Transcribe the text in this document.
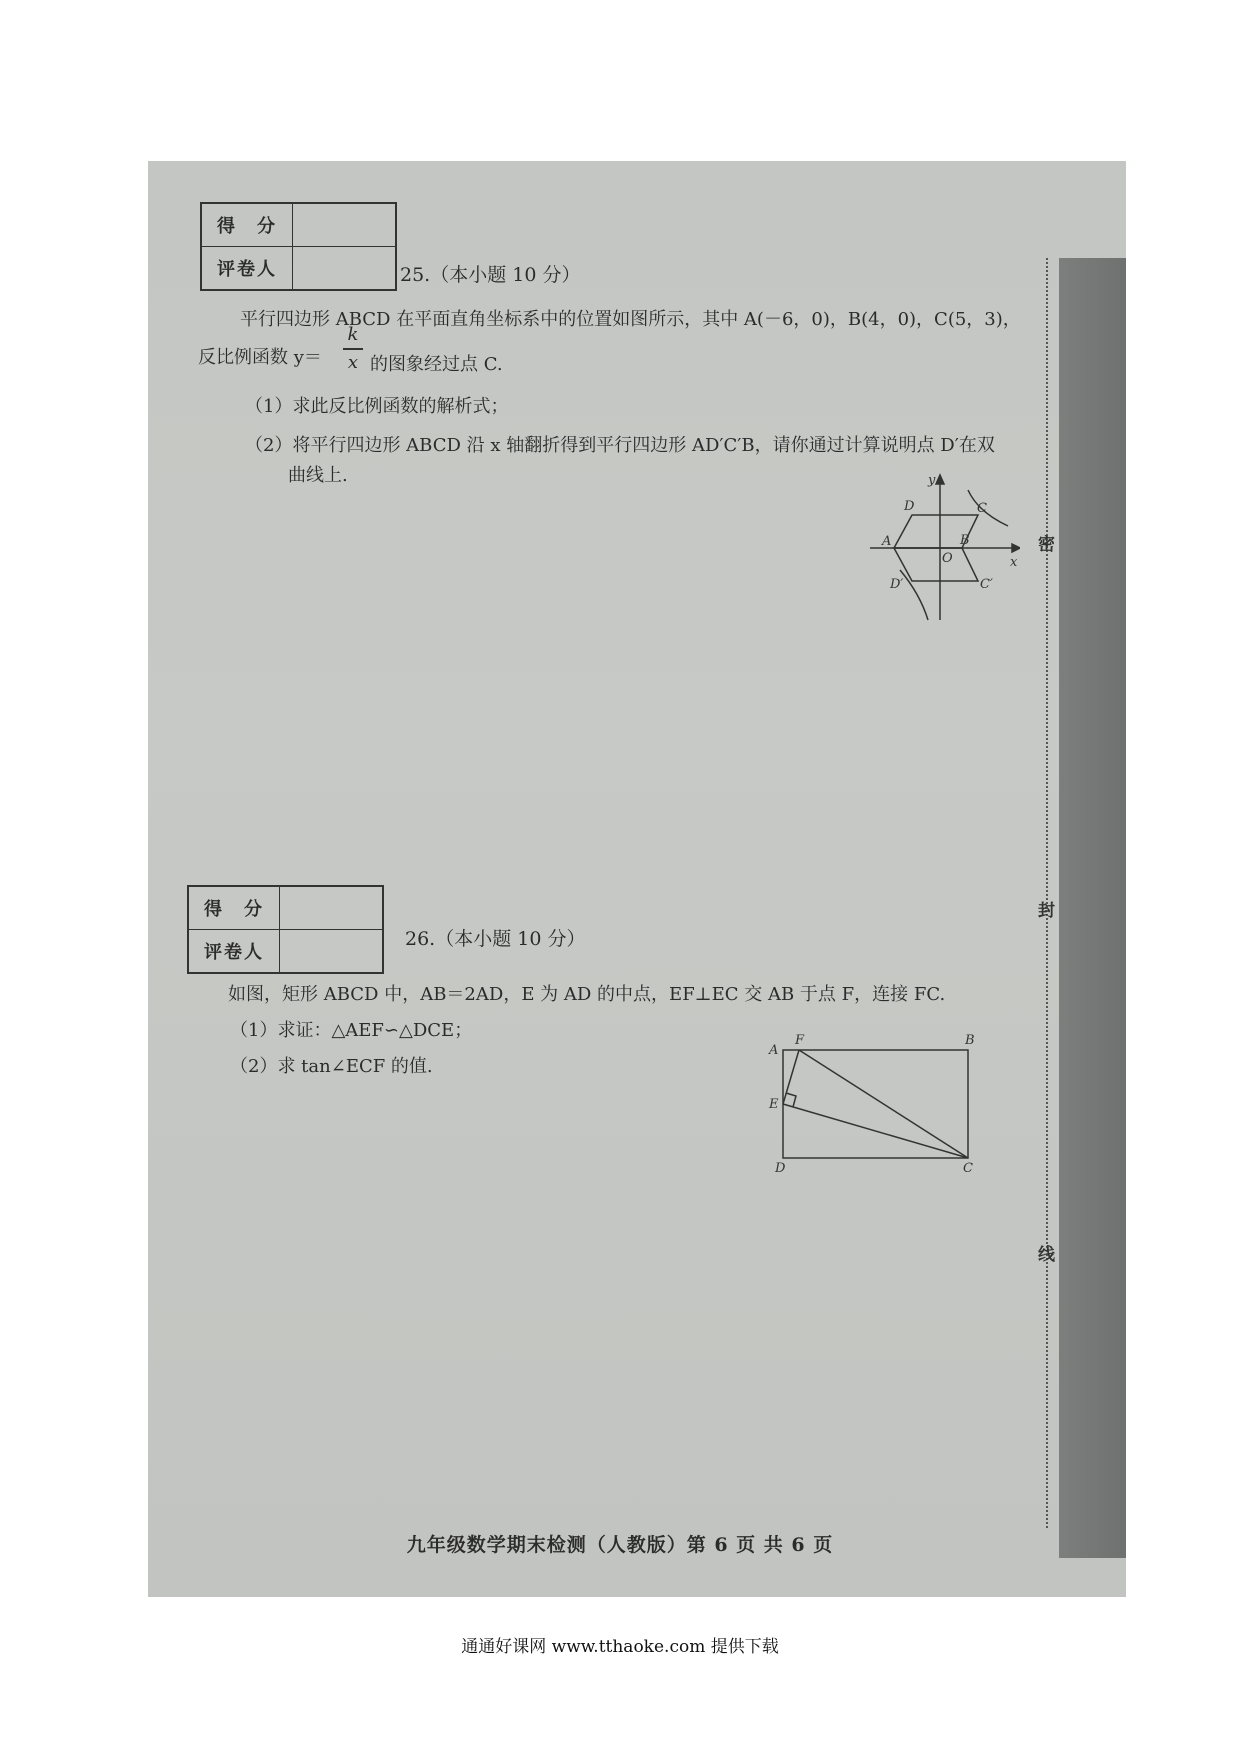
密
封
线
得　分	
评卷人		25.（本小题 10 分）
平行四边形 ABCD 在平面直角坐标系中的位置如图所示，其中 A(－6，0)，B(4，0)，C(5，3)，
反比例函数 y＝
k
x 的图象经过点 C.
（1）求此反比例函数的解析式；
（2）将平行四边形 ABCD 沿 x 轴翻折得到平行四边形 AD′C′B，请你通过计算说明点 D′在双
曲线上.	y
x
D	C
A
O
B
D′	C′
得　分	
评卷人	
26.（本小题 10 分）
如图，矩形 ABCD 中，AB＝2AD，E 为 AD 的中点，EF⊥EC 交 AB 于点 F，连接 FC.
（1）求证：△AEF∽△DCE；
（2）求 tan∠ECF 的值.
A
F	B
E
D	C
九年级数学期末检测（人教版）第 6 页 共 6 页
通通好课网 www.tthaoke.com 提供下载
